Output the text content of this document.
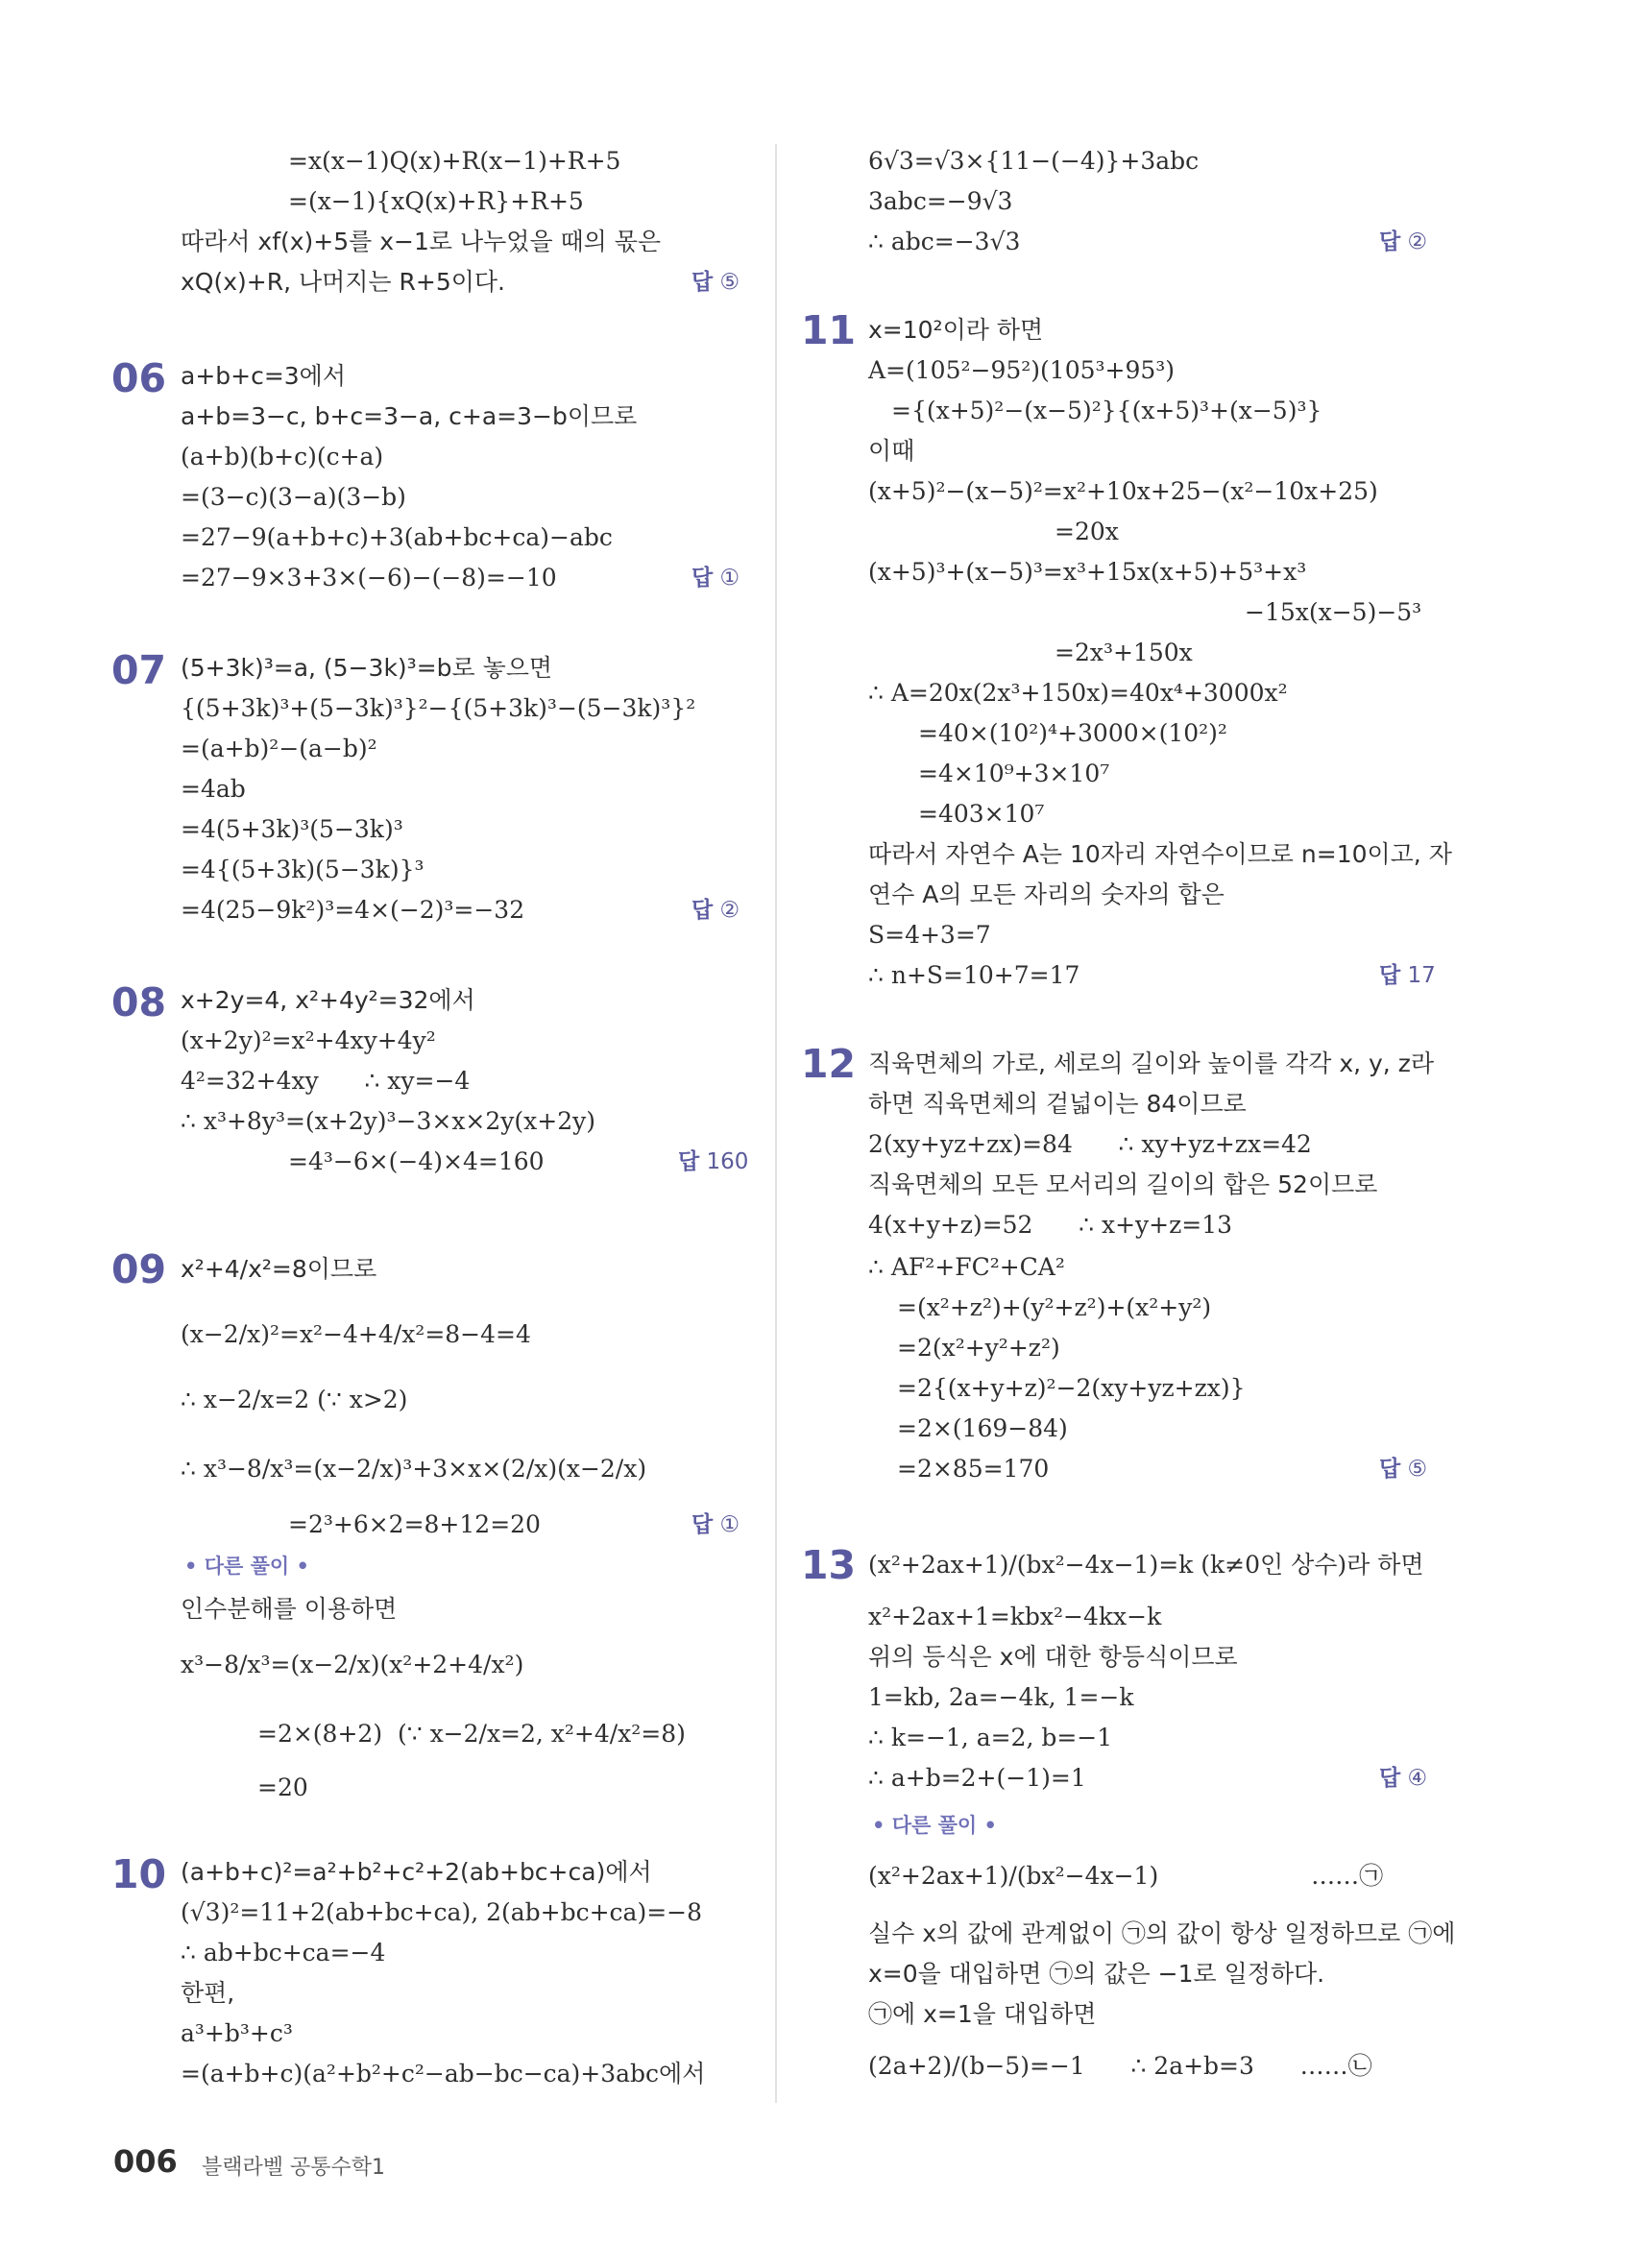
=x(x−1)Q(x)+R(x−1)+R+5
=(x−1){xQ(x)+R}+R+5
따라서 xf(x)+5를 x−1로 나누었을 때의 몫은
xQ(x)+R, 나머지는 R+5이다.	답 ⑤
06 a+b+c=3에서
a+b=3−c, b+c=3−a, c+a=3−b이므로
(a+b)(b+c)(c+a)
=(3−c)(3−a)(3−b)
=27−9(a+b+c)+3(ab+bc+ca)−abc
=27−9×3+3×(−6)−(−8)=−10	답 ①
07 (5+3k)³=a, (5−3k)³=b로 놓으면
{(5+3k)³+(5−3k)³}²−{(5+3k)³−(5−3k)³}²
=(a+b)²−(a−b)²
=4ab
=4(5+3k)³(5−3k)³
=4{(5+3k)(5−3k)}³
=4(25−9k²)³=4×(−2)³=−32	답 ②
08 x+2y=4, x²+4y²=32에서
(x+2y)²=x²+4xy+4y²
4²=32+4xy      ∴ xy=−4
∴ x³+8y³=(x+2y)³−3×x×2y(x+2y)
=4³−6×(−4)×4=160	답 160
09 x²+4/x²=8이므로
(x−2/x)²=x²−4+4/x²=8−4=4
∴ x−2/x=2 (∵ x>2)
∴ x³−8/x³=(x−2/x)³+3×x×(2/x)(x−2/x)
=2³+6×2=8+12=20	답 ①
• 다른 풀이 •
인수분해를 이용하면
x³−8/x³=(x−2/x)(x²+2+4/x²)
=2×(8+2)  (∵ x−2/x=2, x²+4/x²=8)
=20
10 (a+b+c)²=a²+b²+c²+2(ab+bc+ca)에서
(√3)²=11+2(ab+bc+ca), 2(ab+bc+ca)=−8
∴ ab+bc+ca=−4
한편,
a³+b³+c³
=(a+b+c)(a²+b²+c²−ab−bc−ca)+3abc에서
6√3=√3×{11−(−4)}+3abc
3abc=−9√3
∴ abc=−3√3	답 ②
11 x=10²이라 하면
A=(105²−95²)(105³+95³)
={(x+5)²−(x−5)²}{(x+5)³+(x−5)³}
이때
(x+5)²−(x−5)²=x²+10x+25−(x²−10x+25)
=20x
(x+5)³+(x−5)³=x³+15x(x+5)+5³+x³
−15x(x−5)−5³
=2x³+150x
∴ A=20x(2x³+150x)=40x⁴+3000x²
=40×(10²)⁴+3000×(10²)²
=4×10⁹+3×10⁷
=403×10⁷
따라서 자연수 A는 10자리 자연수이므로 n=10이고, 자
연수 A의 모든 자리의 숫자의 합은
S=4+3=7
∴ n+S=10+7=17	답 17
12 직육면체의 가로, 세로의 길이와 높이를 각각 x, y, z라
하면 직육면체의 겉넓이는 84이므로
2(xy+yz+zx)=84      ∴ xy+yz+zx=42
직육면체의 모든 모서리의 길이의 합은 52이므로
4(x+y+z)=52      ∴ x+y+z=13
∴ AF²+FC²+CA²
=(x²+z²)+(y²+z²)+(x²+y²)
=2(x²+y²+z²)
=2{(x+y+z)²−2(xy+yz+zx)}
=2×(169−84)
=2×85=170	답 ⑤
13 (x²+2ax+1)/(bx²−4x−1)=k (k≠0인 상수)라 하면
x²+2ax+1=kbx²−4kx−k
위의 등식은 x에 대한 항등식이므로
1=kb, 2a=−4k, 1=−k
∴ k=−1, a=2, b=−1
∴ a+b=2+(−1)=1	답 ④
• 다른 풀이 •
(x²+2ax+1)/(bx²−4x−1)                    ……㉠
실수 x의 값에 관계없이 ㉠의 값이 항상 일정하므로 ㉠에
x=0을 대입하면 ㉠의 값은 −1로 일정하다.
㉠에 x=1을 대입하면
(2a+2)/(b−5)=−1      ∴ 2a+b=3      ……㉡
006 블랙라벨 공통수학1
